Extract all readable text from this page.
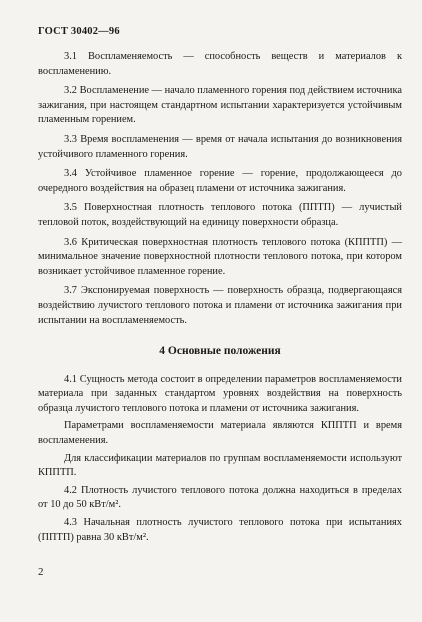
ГОСТ 30402—96

3.1 Воспламеняемость — способность веществ и материалов к воспламенению.

3.2 Воспламенение — начало пламенного горения под действием источника зажигания, при настоящем стандартном испытании характеризуется устойчивым пламенным горением.

3.3 Время воспламенения — время от начала испытания до возникновения устойчивого пламенного горения.

3.4 Устойчивое пламенное горение — горение, продолжающееся до очередного воздействия на образец пламени от источника зажигания.

3.5 Поверхностная плотность теплового потока (ППТП) — лучистый тепловой поток, воздействующий на единицу поверхности образца.

3.6 Критическая поверхностная плотность теплового потока (КППТП) — минимальное значение поверхностной плотности теплового потока, при котором возникает устойчивое пламенное горение.

3.7 Экспонируемая поверхность — поверхность образца, подвергающаяся воздействию лучистого теплового потока и пламени от источника зажигания при испытании на воспламеняемость.

4 Основные положения

4.1 Сущность метода состоит в определении параметров воспламеняемости материала при заданных стандартом уровнях воздействия на поверхность образца лучистого теплового потока и пламени от источника зажигания.

Параметрами воспламеняемости материала являются КППТП и время воспламенения.

Для классификации материалов по группам воспламеняемости используют КППТП.

4.2 Плотность лучистого теплового потока должна находиться в пределах от 10 до 50 кВт/м².

4.3 Начальная плотность лучистого теплового потока при испытаниях (ППТП) равна 30 кВт/м².

2
